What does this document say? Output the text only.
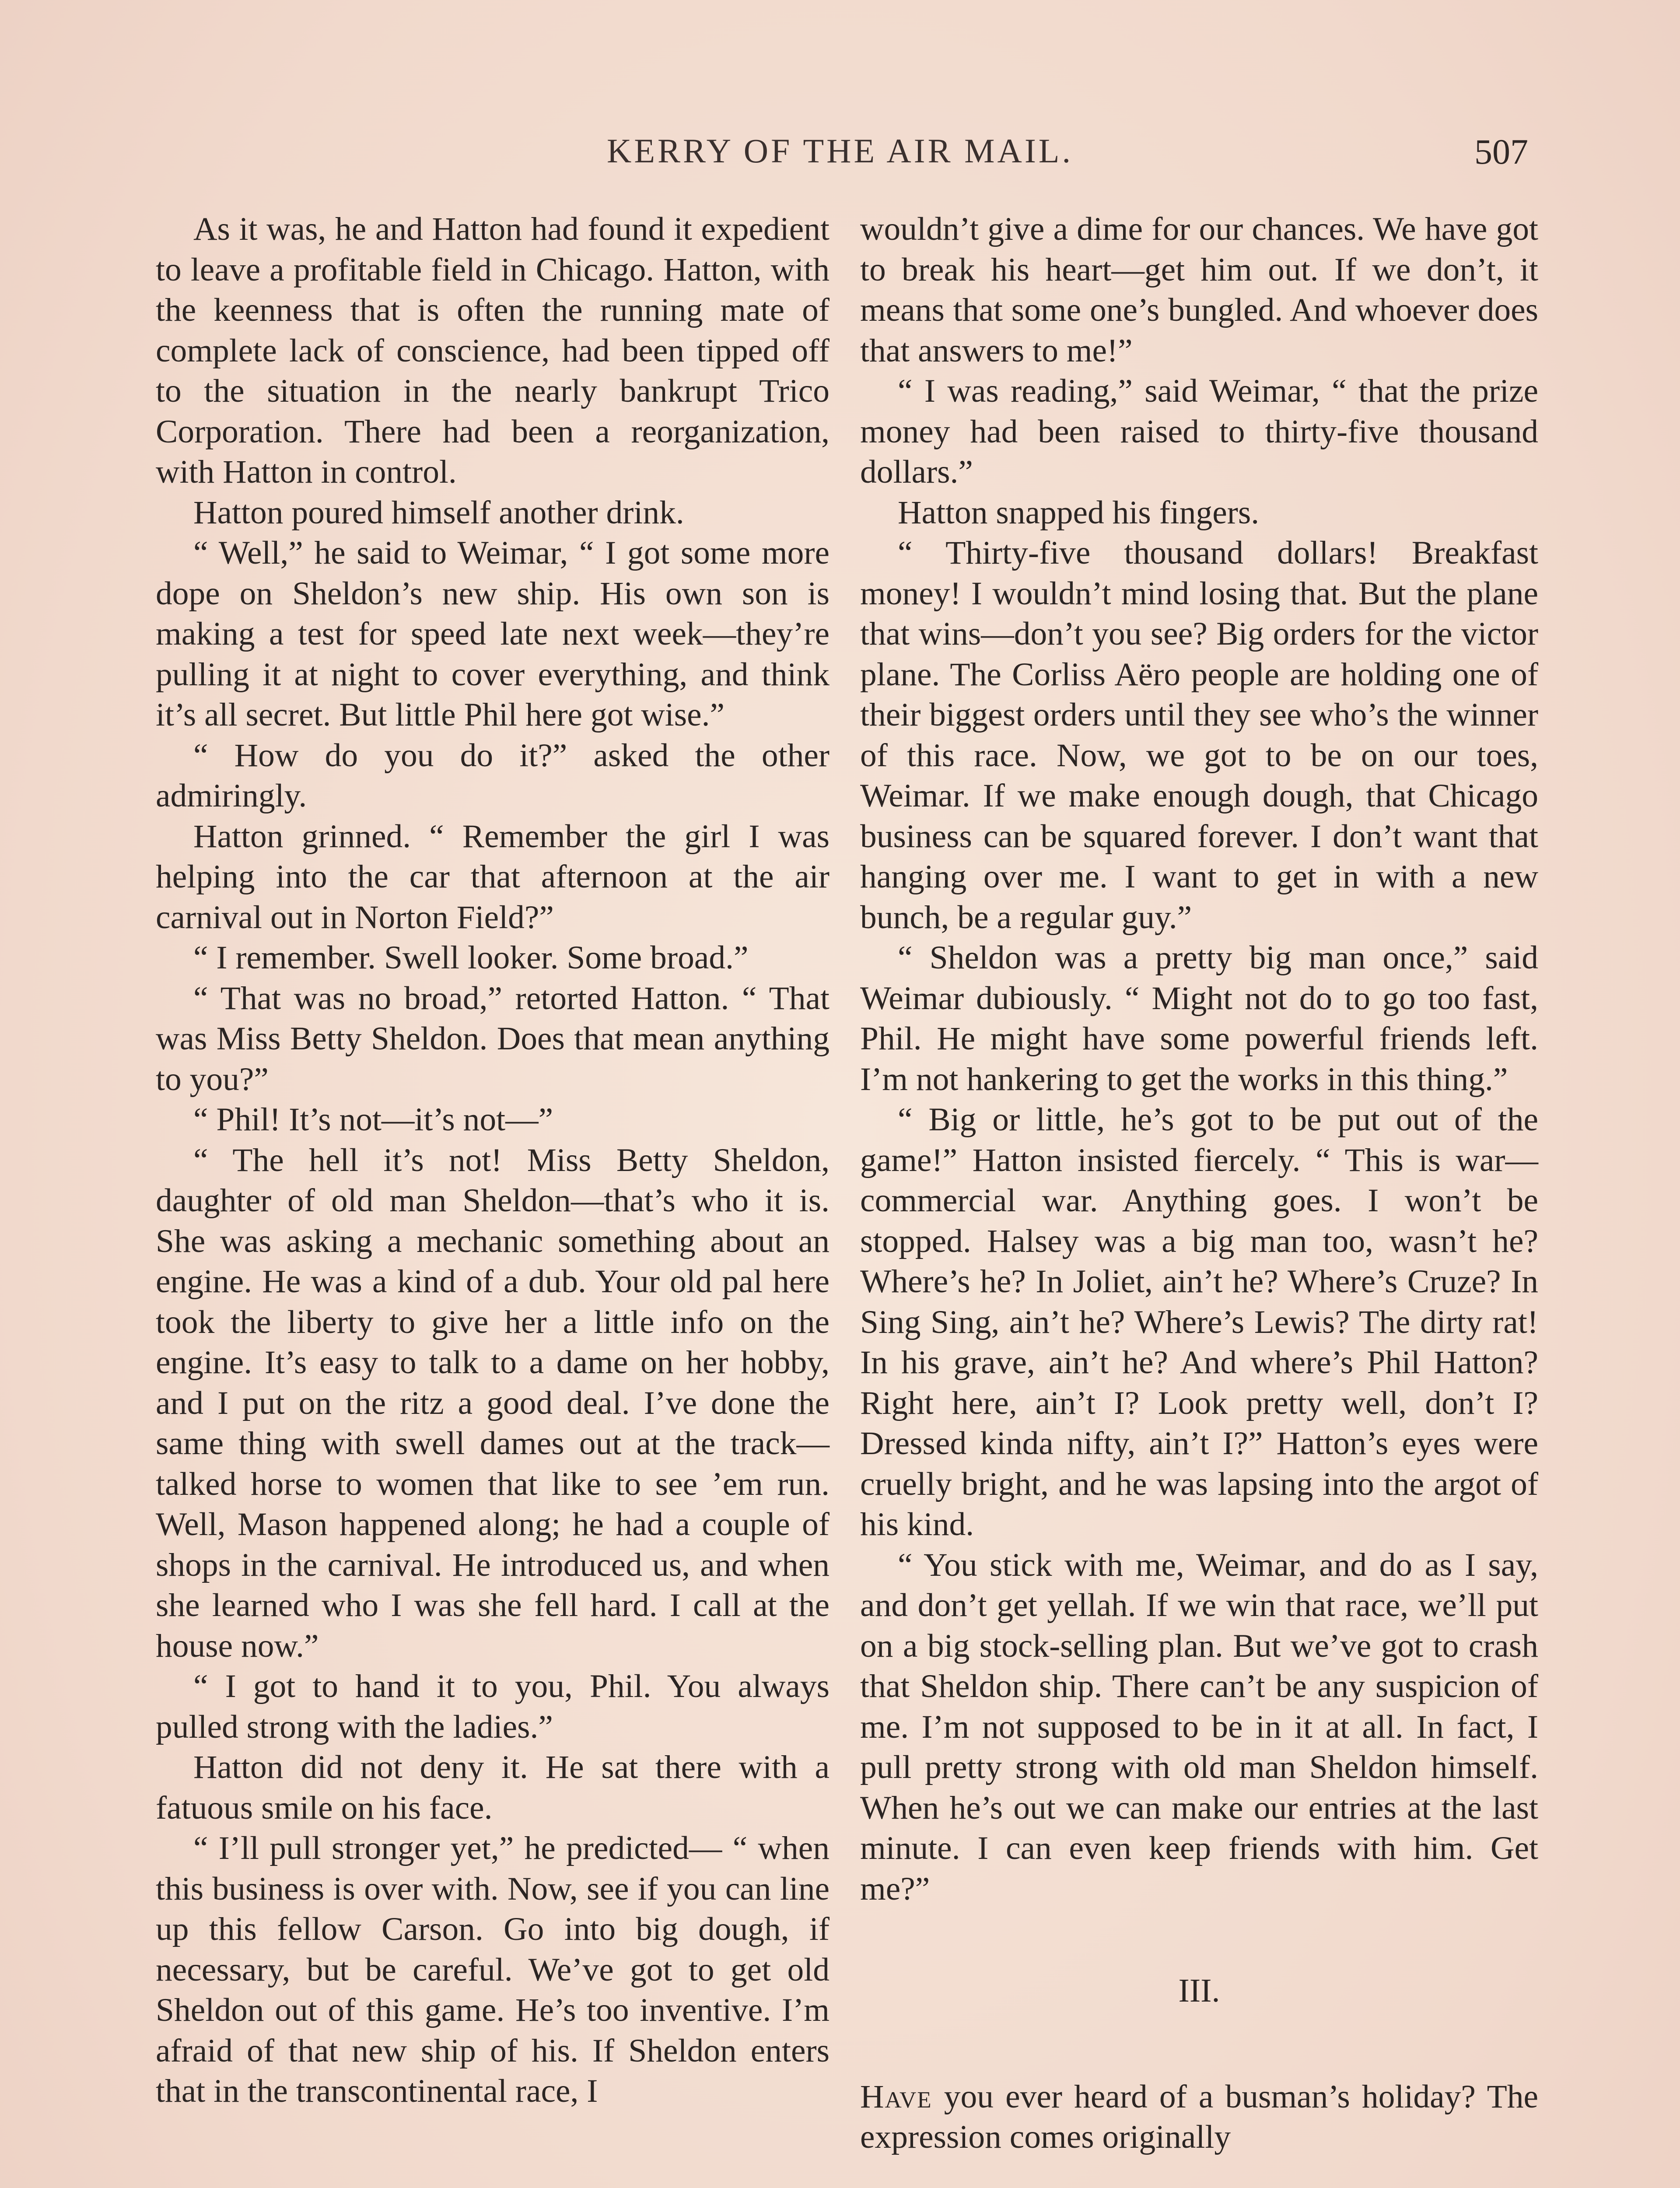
KERRY OF THE AIR MAIL.	507

As it was, he and Hatton had found it expedient to leave a profitable field in Chicago. Hatton, with the keenness that is often the running mate of complete lack of conscience, had been tipped off to the situation in the nearly bankrupt Trico Corporation. There had been a reorganization, with Hatton in control.

Hatton poured himself another drink.

“ Well,” he said to Weimar, “ I got some more dope on Sheldon’s new ship. His own son is making a test for speed late next week—they’re pulling it at night to cover everything, and think it’s all secret. But little Phil here got wise.”

“ How do you do it?” asked the other admiringly.

Hatton grinned. “ Remember the girl I was helping into the car that afternoon at the air carnival out in Norton Field?”

“ I remember. Swell looker. Some broad.”

“ That was no broad,” retorted Hatton. “ That was Miss Betty Sheldon. Does that mean anything to you?”

“ Phil! It’s not—it’s not—”

“ The hell it’s not! Miss Betty Sheldon, daughter of old man Sheldon—that’s who it is. She was asking a mechanic something about an engine. He was a kind of a dub. Your old pal here took the liberty to give her a little info on the engine. It’s easy to talk to a dame on her hobby, and I put on the ritz a good deal. I’ve done the same thing with swell dames out at the track—talked horse to women that like to see ’em run. Well, Mason happened along; he had a couple of shops in the carnival. He introduced us, and when she learned who I was she fell hard. I call at the house now.”

“ I got to hand it to you, Phil. You always pulled strong with the ladies.”

Hatton did not deny it. He sat there with a fatuous smile on his face.

“ I’ll pull stronger yet,” he predicted— “ when this business is over with. Now, see if you can line up this fellow Carson. Go into big dough, if necessary, but be careful. We’ve got to get old Sheldon out of this game. He’s too inventive. I’m afraid of that new ship of his. If Sheldon enters that in the transcontinental race, I

wouldn’t give a dime for our chances. We have got to break his heart—get him out. If we don’t, it means that some one’s bungled. And whoever does that answers to me!”

“ I was reading,” said Weimar, “ that the prize money had been raised to thirty-five thousand dollars.”

Hatton snapped his fingers.

“ Thirty-five thousand dollars! Breakfast money! I wouldn’t mind losing that. But the plane that wins—don’t you see? Big orders for the victor plane. The Corliss Aëro people are holding one of their biggest orders until they see who’s the winner of this race. Now, we got to be on our toes, Weimar. If we make enough dough, that Chicago business can be squared forever. I don’t want that hanging over me. I want to get in with a new bunch, be a regular guy.”

“ Sheldon was a pretty big man once,” said Weimar dubiously. “ Might not do to go too fast, Phil. He might have some powerful friends left. I’m not hankering to get the works in this thing.”

“ Big or little, he’s got to be put out of the game!” Hatton insisted fiercely. “ This is war—commercial war. Anything goes. I won’t be stopped. Halsey was a big man too, wasn’t he? Where’s he? In Joliet, ain’t he? Where’s Cruze? In Sing Sing, ain’t he? Where’s Lewis? The dirty rat! In his grave, ain’t he? And where’s Phil Hatton? Right here, ain’t I? Look pretty well, don’t I? Dressed kinda nifty, ain’t I?” Hatton’s eyes were cruelly bright, and he was lapsing into the argot of his kind.

“ You stick with me, Weimar, and do as I say, and don’t get yellah. If we win that race, we’ll put on a big stock-selling plan. But we’ve got to crash that Sheldon ship. There can’t be any suspicion of me. I’m not supposed to be in it at all. In fact, I pull pretty strong with old man Sheldon himself. When he’s out we can make our entries at the last minute. I can even keep friends with him. Get me?”

III.

Have you ever heard of a busman’s holiday? The expression comes originally
